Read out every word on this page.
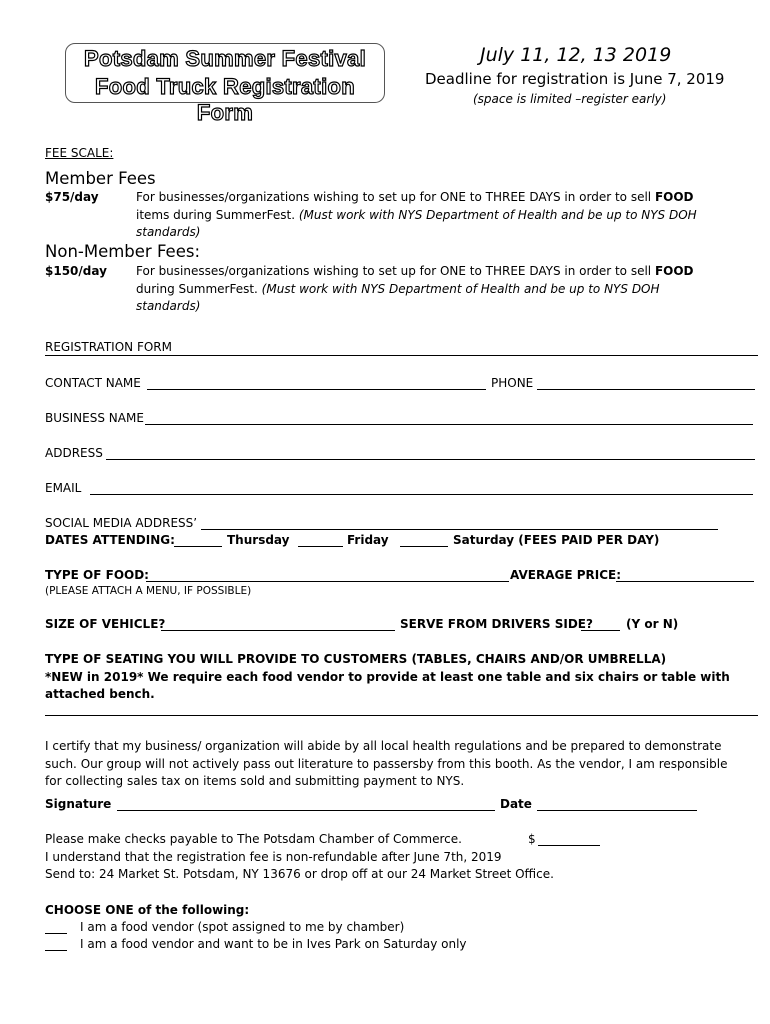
Potsdam Summer Festival
Food Truck Registration Form
July 11, 12, 13 2019
Deadline for registration is June 7, 2019
(space is limited –register early)
FEE SCALE:
Member Fees
$75/day	For businesses/organizations wishing to set up for ONE to THREE DAYS in order to sell FOOD
items during SummerFest. (Must work with NYS Department of Health and be up to NYS DOH
standards)
Non-Member Fees:
$150/day For businesses/organizations wishing to set up for ONE to THREE DAYS in order to sell FOOD
during SummerFest. (Must work with NYS Department of Health and be up to NYS DOH
standards)
REGISTRATION FORM
CONTACT NAME	PHONE
BUSINESS NAME
ADDRESS
EMAIL
SOCIAL MEDIA ADDRESS’
DATES ATTENDING:	Thursday	Friday	Saturday (FEES PAID PER DAY)
TYPE OF FOOD:	AVERAGE PRICE:
(PLEASE ATTACH A MENU, IF POSSIBLE)
SIZE OF VEHICLE?	SERVE FROM DRIVERS SIDE?	(Y or N)
TYPE OF SEATING YOU WILL PROVIDE TO CUSTOMERS (TABLES, CHAIRS AND/OR UMBRELLA)
*NEW in 2019* We require each food vendor to provide at least one table and six chairs or table with
attached bench.
I certify that my business/ organization will abide by all local health regulations and be prepared to demonstrate
such. Our group will not actively pass out literature to passersby from this booth. As the vendor, I am responsible
for collecting sales tax on items sold and submitting payment to NYS.
Signature	Date
Please make checks payable to The Potsdam Chamber of Commerce.	$
I understand that the registration fee is non-refundable after June 7th, 2019
Send to: 24 Market St. Potsdam, NY 13676 or drop off at our 24 Market Street Office.
CHOOSE ONE of the following:
I am a food vendor (spot assigned to me by chamber)
I am a food vendor and want to be in Ives Park on Saturday only
